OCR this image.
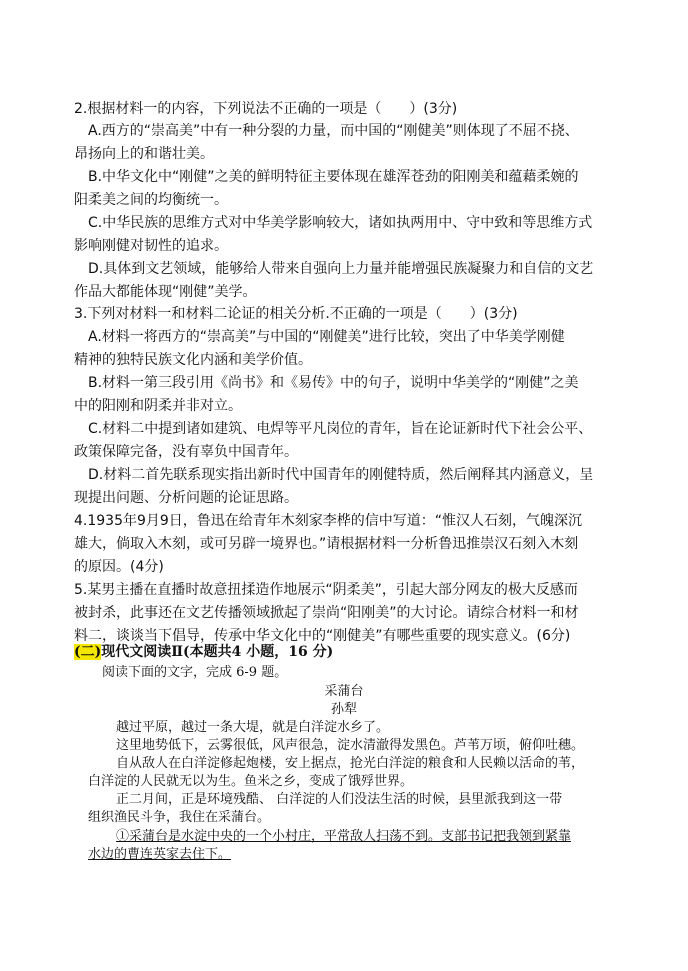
2.根据材料一的内容，下列说法不正确的一项是（　　）(3分)
A.西方的“崇高美”中有一种分裂的力量，而中国的“刚健美”则体现了不屈不挠、
昂扬向上的和谐壮美。
B.中华文化中“刚健”之美的鲜明特征主要体现在雄浑苍劲的阳刚美和蕴藉柔婉的
阳柔美之间的均衡统一。
C.中华民族的思维方式对中华美学影响较大，诸如执两用中、守中致和等思维方式
影响刚健对韧性的追求。
D.具体到文艺领域，能够给人带来自强向上力量并能增强民族凝聚力和自信的文艺
作品大都能体现“刚健”美学。
3.下列对材料一和材料二论证的相关分析.不正确的一项是（　　）(3分)
A.材料一将西方的“崇高美”与中国的“刚健美”进行比较，突出了中华美学刚健
精神的独特民族文化内涵和美学价值。
B.材料一第三段引用《尚书》和《易传》中的句子，说明中华美学的“刚健”之美
中的阳刚和阴柔并非对立。
C.材料二中提到诸如建筑、电焊等平凡岗位的青年，旨在论证新时代下社会公平、
政策保障完备，没有辜负中国青年。
D.材料二首先联系现实指出新时代中国青年的刚健特质，然后阐释其内涵意义，呈
现提出问题、分析问题的论证思路。
4.1935年9月9日，鲁迅在给青年木刻家李桦的信中写道：“惟汉人石刻，气魄深沉
雄大，倘取入木刻，或可另辟一境界也。”请根据材料一分析鲁迅推崇汉石刻入木刻
的原因。(4分)
5.某男主播在直播时故意扭揉造作地展示“阴柔美”，引起大部分网友的极大反感而
被封杀，此事还在文艺传播领域掀起了崇尚“阳刚美”的大讨论。请综合材料一和材
料二，谈谈当下倡导，传承中华文化中的“刚健美”有哪些重要的现实意义。(6分)
(二)现代文阅读Ⅱ(本题共4 小题，16 分)
阅读下面的文字，完成 6-9 题。
采蒲台
孙犁
越过平原，越过一条大堤，就是白洋淀水乡了。
这里地势低下，云雾很低，风声很急，淀水清澈得发黑色。芦苇万顷，俯仰吐穗。
自从敌人在白洋淀修起炮楼，安上据点，抢光白洋淀的粮食和人民赖以活命的苇，
白洋淀的人民就无以为生。鱼米之乡，变成了饿殍世界。
正二月间，正是环境残酷、 白洋淀的人们没法生活的时候，县里派我到这一带
组织渔民斗争，我住在采蒲台。
①采蒲台是水淀中央的一个小村庄，平常敌人扫荡不到。支部书记把我领到紧靠
水边的曹连英家去住下。
